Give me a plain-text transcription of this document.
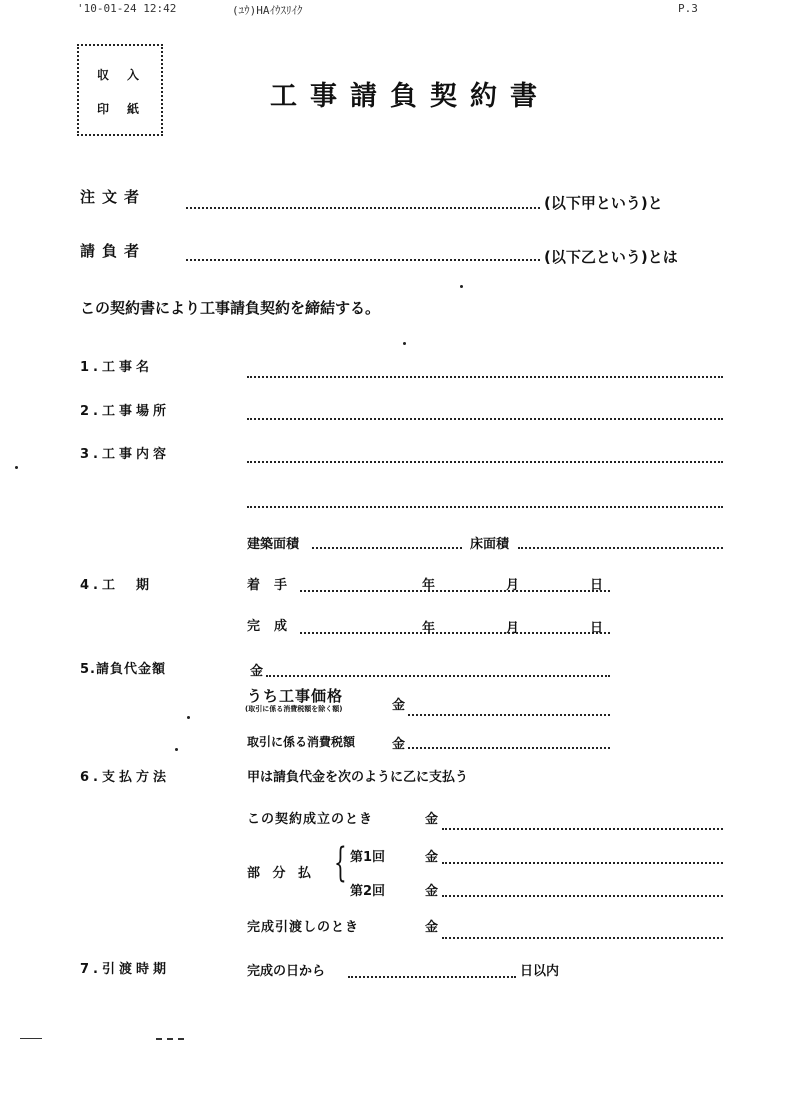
'10-01-24 12:42	(ﾕｳ)HAｲｳｽﾘｲｸ	P.3
収 入
印 紙	工事請負契約書
注文者	(以下甲という)と
請負者	(以下乙という)とは
この契約書により工事請負契約を締結する。
1.工事名
2.工事場所
3.工事内容
建築面積	床面積
4.工　期	着手	年	月	日
完成	年	月	日
5.請負代金額	金
うち工事価格
(取引に係る消費税額を除く額)	金
取引に係る消費税額	金
6.支払方法	甲は請負代金を次のように乙に支払う
この契約成立のとき	金
部 分 払 { 第1回	金
第2回	金
完成引渡しのとき	金
7.引渡時期	完成の日から	日以内
